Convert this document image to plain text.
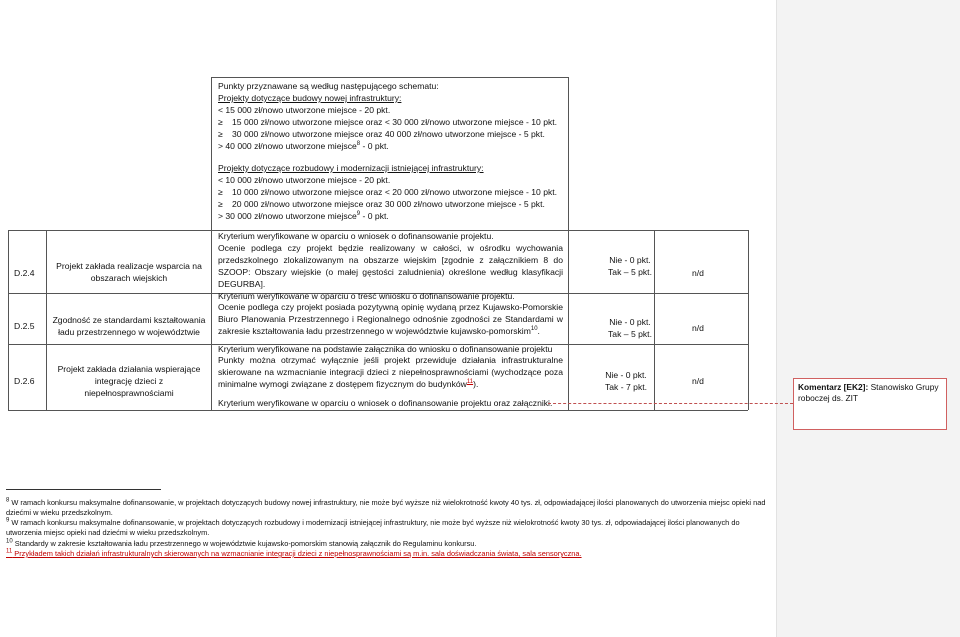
Punkty przyznawane są według następującego schematu:
Projekty dotyczące budowy nowej infrastruktury:
< 15 000 zł/nowo utworzone miejsce - 20 pkt.
≥ 15 000 zł/nowo utworzone miejsce oraz < 30 000 zł/nowo utworzone miejsce - 10 pkt.
≥ 30 000 zł/nowo utworzone miejsce oraz 40 000 zł/nowo utworzone miejsce - 5 pkt.
> 40 000 zł/nowo utworzone miejsce$^8$ - 0 pkt.
Projekty dotyczące rozbudowy i modernizacji istniejącej infrastruktury:
< 10 000 zł/nowo utworzone miejsce - 20 pkt.
≥ 10 000 zł/nowo utworzone miejsce oraz < 20 000 zł/nowo utworzone miejsce - 10 pkt.
≥ 20 000 zł/nowo utworzone miejsce oraz 30 000 zł/nowo utworzone miejsce - 5 pkt.
> 30 000 zł/nowo utworzone miejsce$^9$ - 0 pkt.
Kryterium weryfikowane w oparciu o wniosek o dofinansowanie projektu.
D.2.4
Projekt zakłada realizacje wsparcia na obszarach wiejskich
Ocenie podlega czy projekt będzie realizowany w całości, w ośrodku wychowania przedszkolnego zlokalizowanym na obszarze wiejskim [zgodnie z załącznikiem 8 do SZOOP: Obszary wiejskie (o małej gęstości zaludnienia) określone według klasyfikacji DEGURBA].
Kryterium weryfikowane w oparciu o treść wniosku o dofinansowanie projektu.
Nie - 0 pkt.
Tak – 5 pkt.	n/d
D.2.5
Zgodność ze standardami kształtowania ładu przestrzennego w województwie
Ocenie podlega czy projekt posiada pozytywną opinię wydaną przez Kujawsko-Pomorskie Biuro Planowania Przestrzennego i Regionalnego odnośnie zgodności ze Standardami w zakresie kształtowania ładu przestrzennego w województwie kujawsko-pomorskim$^{10}$.
Kryterium weryfikowane na podstawie załącznika do wniosku o dofinansowanie projektu
Nie - 0 pkt.
Tak – 5 pkt.
n/d
D.2.6
Projekt zakłada działania wspierające integrację dzieci z niepełnosprawnościami
Punkty można otrzymać wyłącznie jeśli projekt przewiduje działania infrastrukturalne skierowane na wzmacnianie integracji dzieci z niepełnosprawnościami (wychodzące poza minimalne wymogi związane z dostępem fizycznym do budynków$^{11}$).
Kryterium weryfikowane w oparciu o wniosek o dofinansowanie projektu oraz załączniki.
Nie - 0 pkt.
Tak - 7 pkt.
n/d
$^8$ W ramach konkursu maksymalne dofinansowanie, w projektach dotyczących budowy nowej infrastruktury, nie może być wyższe niż wielokrotność kwoty 40 tys. zł, odpowiadającej ilości planowanych do utworzenia miejsc opieki nad dziećmi w wieku przedszkolnym.
$^9$ W ramach konkursu maksymalne dofinansowanie, w projektach dotyczących rozbudowy i modernizacji istniejącej infrastruktury, nie może być wyższe niż wielokrotność kwoty 30 tys. zł, odpowiadającej ilości planowanych do utworzenia miejsc opieki nad dziećmi w wieku przedszkolnym.
$^{10}$ Standardy w zakresie kształtowania ładu przestrzennego w województwie kujawsko-pomorskim stanowią załącznik do Regulaminu konkursu.
$^{11}$ Przykładem takich działań infrastrukturalnych skierowanych na wzmacnianie integracji dzieci z niepełnosprawnościami są m.in. sala doświadczania świata, sala sensoryczna.
Komentarz [EK2]: Stanowisko Grupy roboczej ds. ZIT
